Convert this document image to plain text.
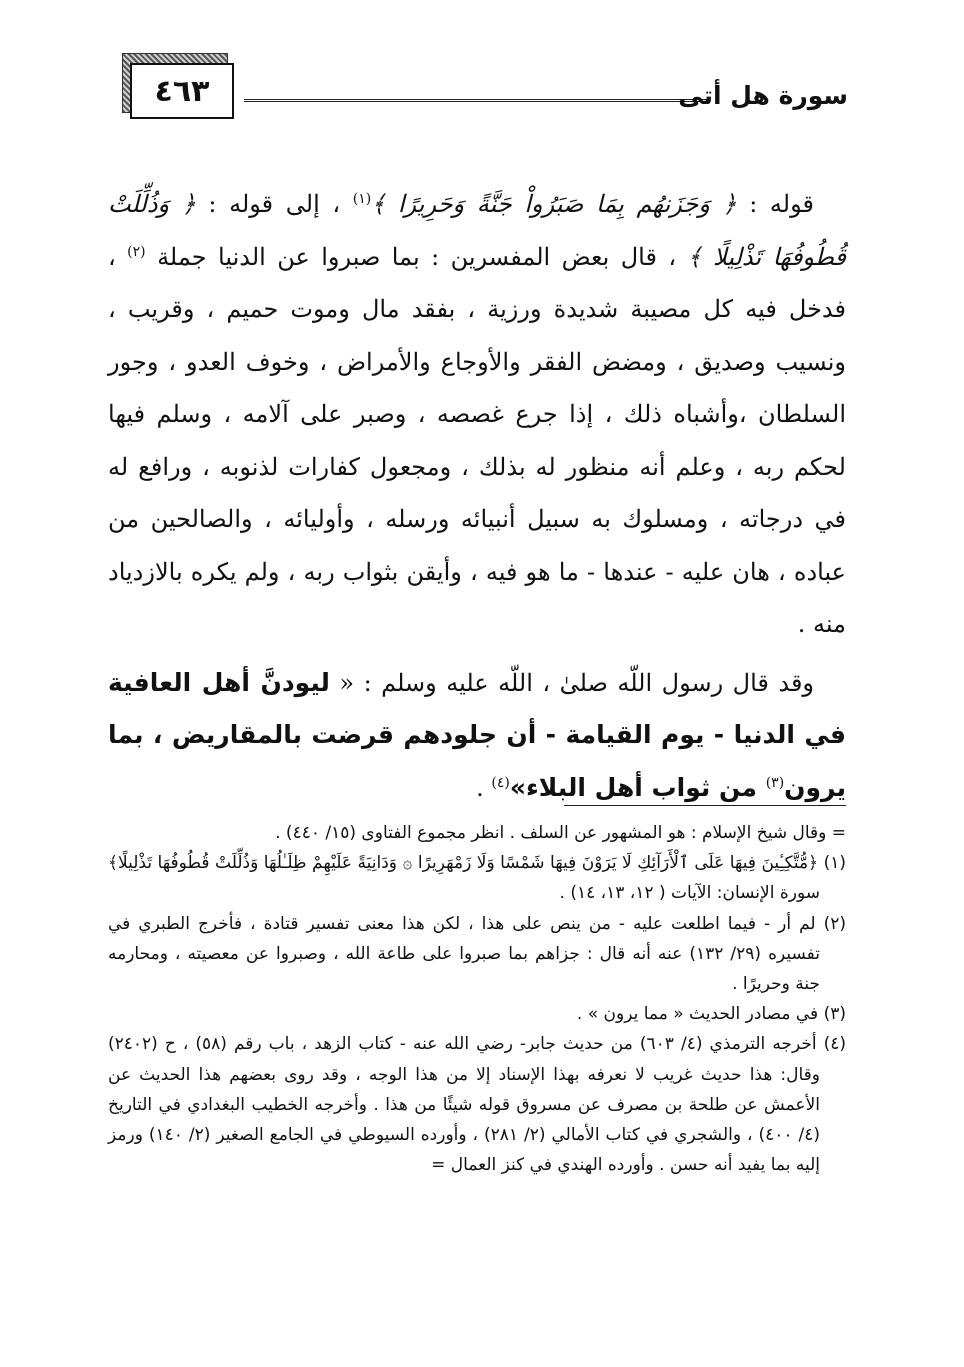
٤٦٣	سورة هل أتى

قوله : ﴿ وَجَزَنهُم بِمَا صَبَرُواْ جَنَّةً وَحَرِيرًا ﴾$^{(١)}$ ، إلى قوله : ﴿ وَذُلِّلَتْ قُطُوفُهَا تَذْلِيلًا ﴾ ، قال بعض المفسرين : بما صبروا عن الدنيا جملة $^{(٢)}$ ، فدخل فيه كل مصيبة شديدة ورزية ، بفقد مال وموت حميم ، وقريب ، ونسيب وصديق ، ومضض الفقر والأوجاع والأمراض ، وخوف العدو ، وجور السلطان ،وأشباه ذلك ، إذا جرع غصصه ، وصبر على آلامه ، وسلم فيها لحكم ربه ، وعلم أنه منظور له بذلك ، ومجعول كفارات لذنوبه ، ورافع له في درجاته ، ومسلوك به سبيل أنبيائه ورسله ، وأوليائه ، والصالحين من عباده ، هان عليه - عندها - ما هو فيه ، وأيقن بثواب ربه ، ولم يكره بالازدياد منه .

وقد قال رسول اللّه صلىٰ ، اللّه عليه وسلم : « ليودنَّ أهل العافية في الدنيا - يوم القيامة - أن جلودهم قرضت بالمقاريض ، بما يرون$^{(٣)}$ من ثواب أهل البلاء»$^{(٤)}$ .

= وقال شيخ الإسلام : هو المشهور عن السلف . انظر مجموع الفتاوى (١٥/ ٤٤٠) .

(١) ﴿مُّتَّكِـِٔينَ فِيهَا عَلَى ٱلْأَرَآئِكِ لَا يَرَوْنَ فِيهَا شَمْسًا وَلَا زَمْهَرِيرًا ۞ وَدَانِيَةً عَلَيْهِمْ ظِلَـٰلُهَا وَذُلِّلَتْ قُطُوفُهَا تَذْلِيلًا﴾ سورة الإنسان: الآيات ( ١٢، ١٣، ١٤) .

(٢) لم أر - فيما اطلعت عليه - من ينص على هذا ، لكن هذا معنى تفسير قتادة ، فأخرج الطبري في تفسيره (٢٩/ ١٣٢) عنه أنه قال : جزاهم بما صبروا على طاعة الله ، وصبروا عن معصيته ، ومحارمه جنة وحريرًا .

(٣) في مصادر الحديث « مما يرون » .

(٤) أخرجه الترمذي (٤/ ٦٠٣) من حديث جابر- رضي الله عنه - كتاب الزهد ، باب رقم (٥٨) ، ح (٢٤٠٢) وقال: هذا حديث غريب لا نعرفه بهذا الإسناد إلا من هذا الوجه ، وقد روى بعضهم هذا الحديث عن الأعمش عن طلحة بن مصرف عن مسروق قوله شيئًا من هذا . وأخرجه الخطيب البغدادي في التاريخ (٤/ ٤٠٠) ، والشجري في كتاب الأمالي (٢/ ٢٨١) ، وأورده السيوطي في الجامع الصغير (٢/ ١٤٠) ورمز إليه بما يفيد أنه حسن . وأورده الهندي في كنز العمال =
